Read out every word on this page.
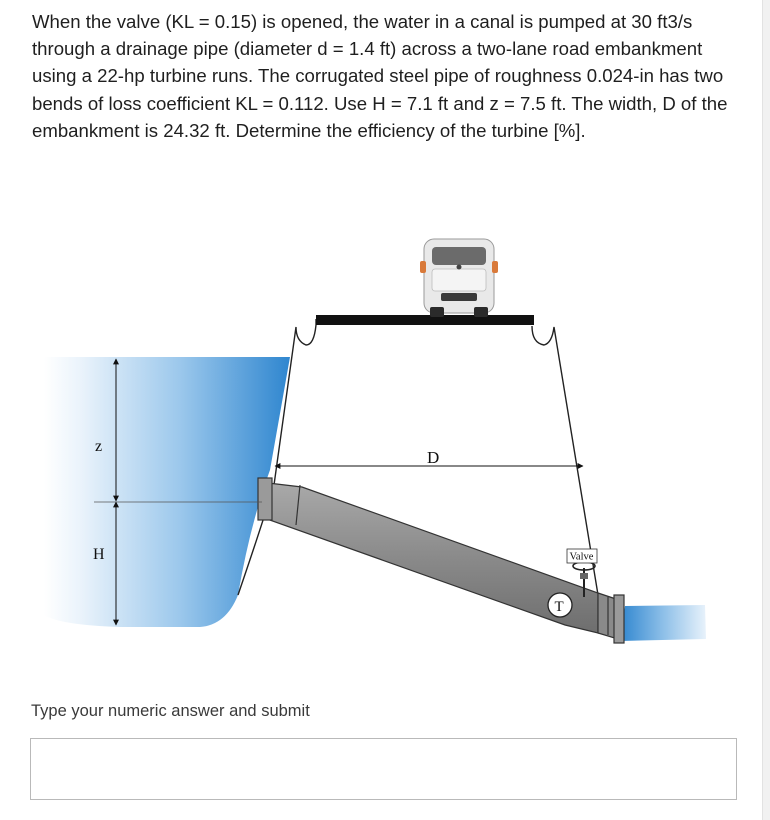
When the valve (KL = 0.15) is opened, the water in a canal is pumped at 30 ft3/s through a drainage pipe (diameter d = 1.4 ft) across a two-lane road embankment using a 22-hp turbine runs. The corrugated steel pipe of roughness 0.024-in has two bends of loss coefficient KL = 0.112. Use H = 7.1 ft and z = 7.5 ft. The width, D of the embankment is 24.32 ft. Determine the efficiency of the turbine [%].

Valve
T
z
H
D

Type your numeric answer and submit
